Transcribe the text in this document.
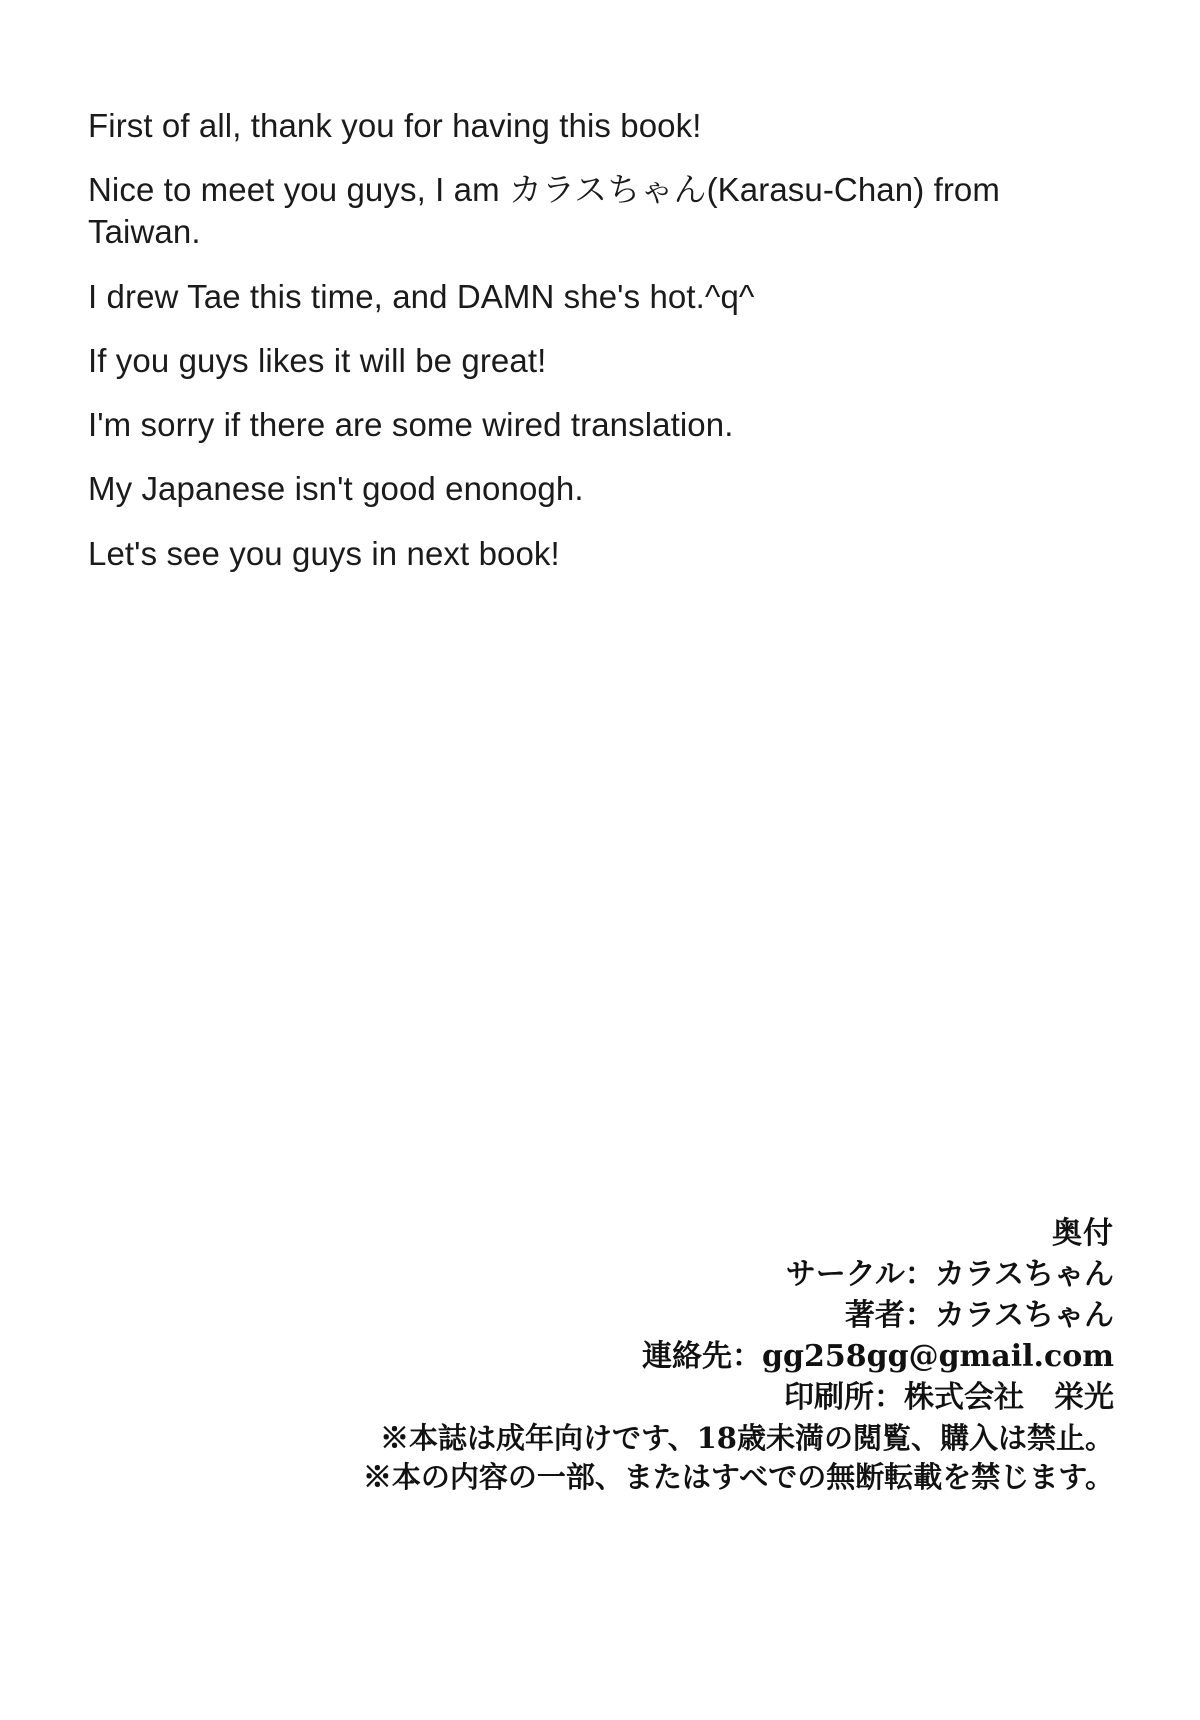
First of all, thank you for having this book!

Nice to meet you guys, I am カラスちゃん(Karasu-Chan) from Taiwan.

I drew Tae this time, and DAMN she's hot.^q^

If you guys likes it will be great!

I'm sorry if there are some wired translation.

My Japanese isn't good enonogh.

Let's see you guys in next book!

奥付
サークル：カラスちゃん
著者：カラスちゃん
連絡先：gg258gg@gmail.com
印刷所：株式会社　栄光
※本誌は成年向けです、18歳未満の閲覧、購入は禁止。
※本の内容の一部、またはすべでの無断転載を禁じます。
